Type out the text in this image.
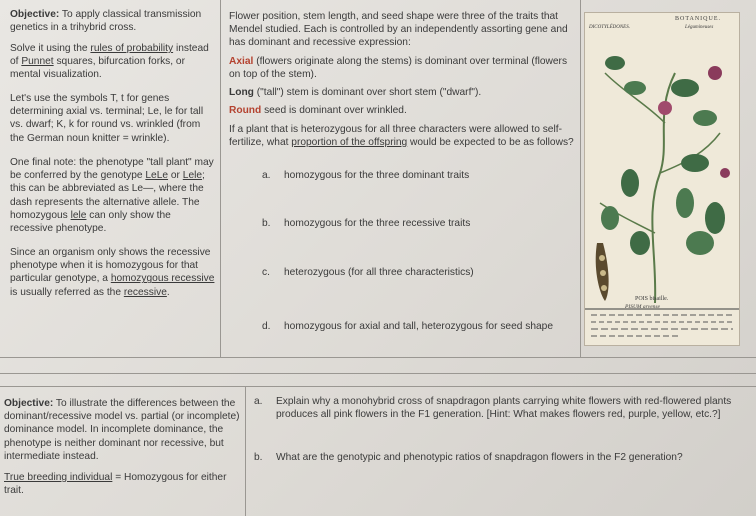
Objective: To apply classical transmission genetics in a trihybrid cross.

Solve it using the rules of probability instead of Punnet squares, bifurcation forks, or mental visualization.

Let's use the symbols T, t for genes determining axial vs. terminal; Le, le for tall vs. dwarf; K, k for round vs. wrinkled (from the German noun knitter = wrinkle).

One final note: the phenotype "tall plant" may be conferred by the genotype LeLe or Lele; this can be abbreviated as Le—, where the dash represents the alternative allele. The homozygous lele can only show the recessive phenotype.

Since an organism only shows the recessive phenotype when it is homozygous for that particular genotype, a homozygous recessive is usually referred as the recessive.

Flower position, stem length, and seed shape were three of the traits that Mendel studied. Each is controlled by an independently assorting gene and has dominant and recessive expression:

Axial (flowers originate along the stems) is dominant over terminal (flowers on top of the stem).

Long ("tall") stem is dominant over short stem ("dwarf").

Round seed is dominant over wrinkled.

If a plant that is heterozygous for all three characters were allowed to self-fertilize, what proportion of the offspring would be expected to be as follows?

a. homozygous for the three dominant traits
b. homozygous for the three recessive traits
c. heterozygous (for all three characteristics)
d. homozygous for axial and tall, heterozygous for seed shape
BOTANIQUE.
DICOTYLÉDONES.	Légumineuses
POIS bisaille.
PISUM arvense

Objective: To illustrate the differences between the dominant/recessive model vs. partial (or incomplete) dominance model. In incomplete dominance, the phenotype is neither dominant nor recessive, but intermediate instead.

True breeding individual = Homozygous for either trait.

a.	Explain why a monohybrid cross of snapdragon plants carrying white flowers with red-flowered plants produces all pink flowers in the F1 generation. [Hint: What makes flowers red, purple, yellow, etc.?]
b.	What are the genotypic and phenotypic ratios of snapdragon flowers in the F2 generation?
